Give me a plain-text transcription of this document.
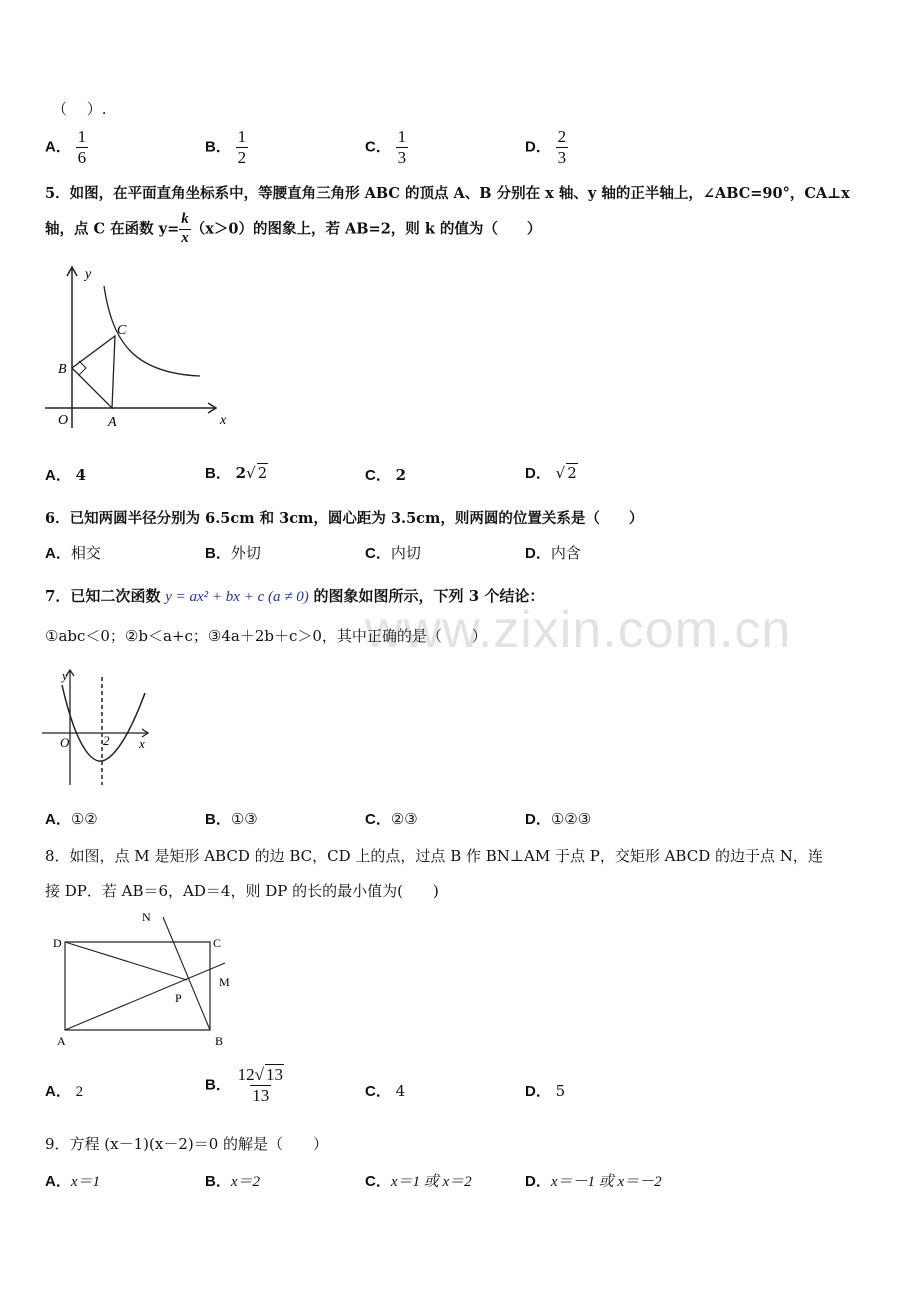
www.zixin.com.cn
（　 ）.
A． $\frac{1}{6}$	B． $\frac{1}{2}$	C． $\frac{1}{3}$	D． $\frac{2}{3}$
5．如图，在平面直角坐标系中，等腰直角三角形 ABC 的顶点 A、B 分别在 x 轴、y 轴的正半轴上，∠ABC=90°，CA⊥x
轴，点 C 在函数 $y= \frac{k}{x} (x>0)$的图象上，若 AB=2，则 k 的值为（　　）
y
x
O	A
B
C
A． 4	B． 2√ 2	C． 2	D． √ 2
6．已知两圆半径分别为 6.5cm 和 3cm，圆心距为 3.5cm，则两圆的位置关系是（　　）
A．相交	B．外切	C．内切	D．内含
7．已知二次函数 y = ax² + bx + c (a ≠ 0) 的图象如图所示，下列 3 个结论：
①abc＜0；②b＜a+c；③4a＋2b＋c＞0，其中正确的是（　　）
y
x
O	2
A．①②	B．①③	C．②③	D．①②③
8．如图，点 M 是矩形 ABCD 的边 BC，CD 上的点，过点 B 作 BN⊥AM 于点 P，交矩形 ABCD 的边于点 N，连
接 DP．若 AB＝6，AD＝4，则 DP 的长的最小值为(　　)
N
D	C
M
P
A	B
A． 2	B． $\frac{12√ 13}{13}$	C． 4	D． 5
9．方程 (x－1)(x－2)＝0 的解是（　　）
A．x＝1	B．x＝2	C．x＝1 或 x＝2	D．x＝－1 或 x＝－2
